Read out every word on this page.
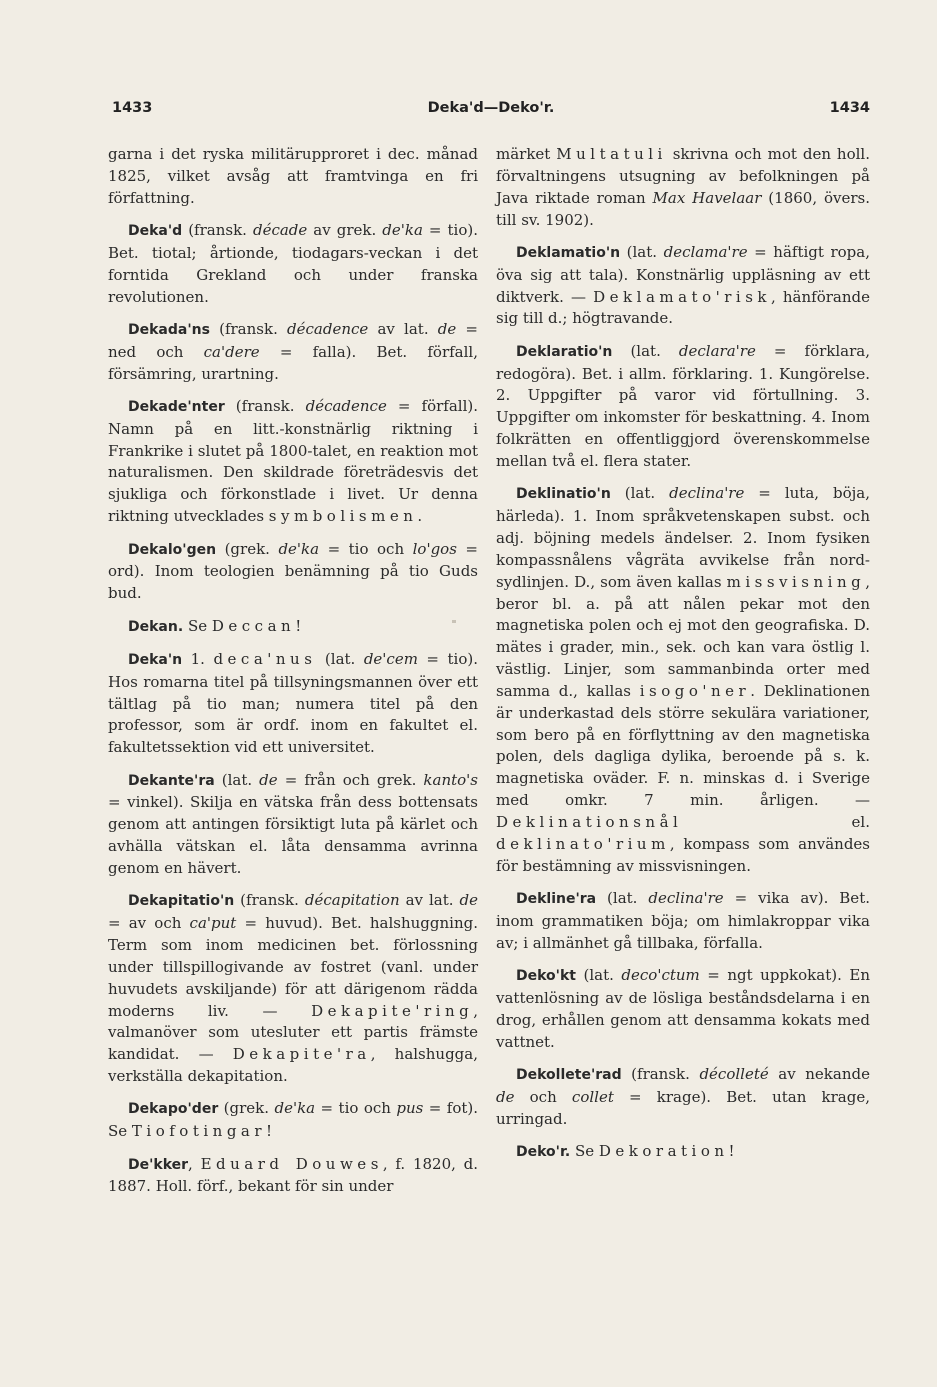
1433	Deka'd—Deko'r.	1434

garna i det ryska militärupproret i dec. månad 1825, vilket avsåg att framtvinga en fri författning.

Deka'd (fransk. décade av grek. de'ka = tio). Bet. tiotal; årtionde, tiodagars-veckan i det forntida Grekland och under franska revolutionen.

Dekada'ns (fransk. décadence av lat. de = ned och ca'dere = falla). Bet. förfall, försämring, urartning.

Dekade'nter (fransk. décadence = förfall). Namn på en litt.-konstnärlig riktning i Frankrike i slutet på 1800-talet, en reaktion mot naturalismen. Den skildrade företrädesvis det sjukliga och förkonstlade i livet. Ur denna riktning utvecklades symbolismen.

Dekalo'gen (grek. de'ka = tio och lo'gos = ord). Inom teologien benämning på tio Guds bud.

Dekan. Se Deccan!

Deka'n 1. deca'nus (lat. de'cem = tio). Hos romarna titel på tillsyningsmannen över ett tältlag på tio man; numera titel på den professor, som är ordf. inom en fakultet el. fakultetssektion vid ett universitet.

Dekante'ra (lat. de = från och grek. kanto's = vinkel). Skilja en vätska från dess bottensats genom att antingen försiktigt luta på kärlet och avhälla vätskan el. låta densamma avrinna genom en hävert.

Dekapitatio'n (fransk. décapitation av lat. de = av och ca'put = huvud). Bet. halshuggning. Term som inom medicinen bet. förlossning under tillspillogivande av fostret (vanl. under huvudets avskiljande) för att därigenom rädda moderns liv. — Dekapite'ring, valmanöver som utesluter ett partis främste kandidat. — Dekapite'ra, halshugga, verkställa dekapitation.

Dekapo'der (grek. de'ka = tio och pus = fot). Se Tiofotingar!

De'kker, Eduard Douwes, f. 1820, d. 1887. Holl. förf., bekant för sin under

märket Multatuli skrivna och mot den holl. förvaltningens utsugning av befolkningen på Java riktade roman Max Havelaar (1860, övers. till sv. 1902).

Deklamatio'n (lat. declama're = häftigt ropa, öva sig att tala). Konstnärlig uppläsning av ett diktverk. — Deklamato'risk, hänförande sig till d.; högtravande.

Deklaratio'n (lat. declara're = förklara, redogöra). Bet. i allm. förklaring. 1. Kungörelse. 2. Uppgifter på varor vid förtullning. 3. Uppgifter om inkomster för beskattning. 4. Inom folkrätten en offentliggjord överenskommelse mellan två el. flera stater.

Deklinatio'n (lat. declina're = luta, böja, härleda). 1. Inom språkvetenskapen subst. och adj. böjning medels ändelser. 2. Inom fysiken kompassnålens vågräta avvikelse från nord-sydlinjen. D., som även kallas missvisning, beror bl. a. på att nålen pekar mot den magnetiska polen och ej mot den geografiska. D. mätes i grader, min., sek. och kan vara östlig l. västlig. Linjer, som sammanbinda orter med samma d., kallas isogo'ner. Deklinationen är underkastad dels större sekulära variationer, som bero på en förflyttning av den magnetiska polen, dels dagliga dylika, beroende på s. k. magnetiska oväder. F. n. minskas d. i Sverige med omkr. 7 min. årligen. — Deklinationsnål el. deklinato'rium, kompass som användes för bestämning av missvisningen.

Dekline'ra (lat. declina're = vika av). Bet. inom grammatiken böja; om himlakroppar vika av; i allmänhet gå tillbaka, förfalla.

Deko'kt (lat. deco'ctum = ngt uppkokat). En vattenlösning av de lösliga beståndsdelarna i en drog, erhållen genom att densamma kokats med vattnet.

Dekollete'rad (fransk. décolleté av nekande de och collet = krage). Bet. utan krage, urringad.

Deko'r. Se Dekoration!
